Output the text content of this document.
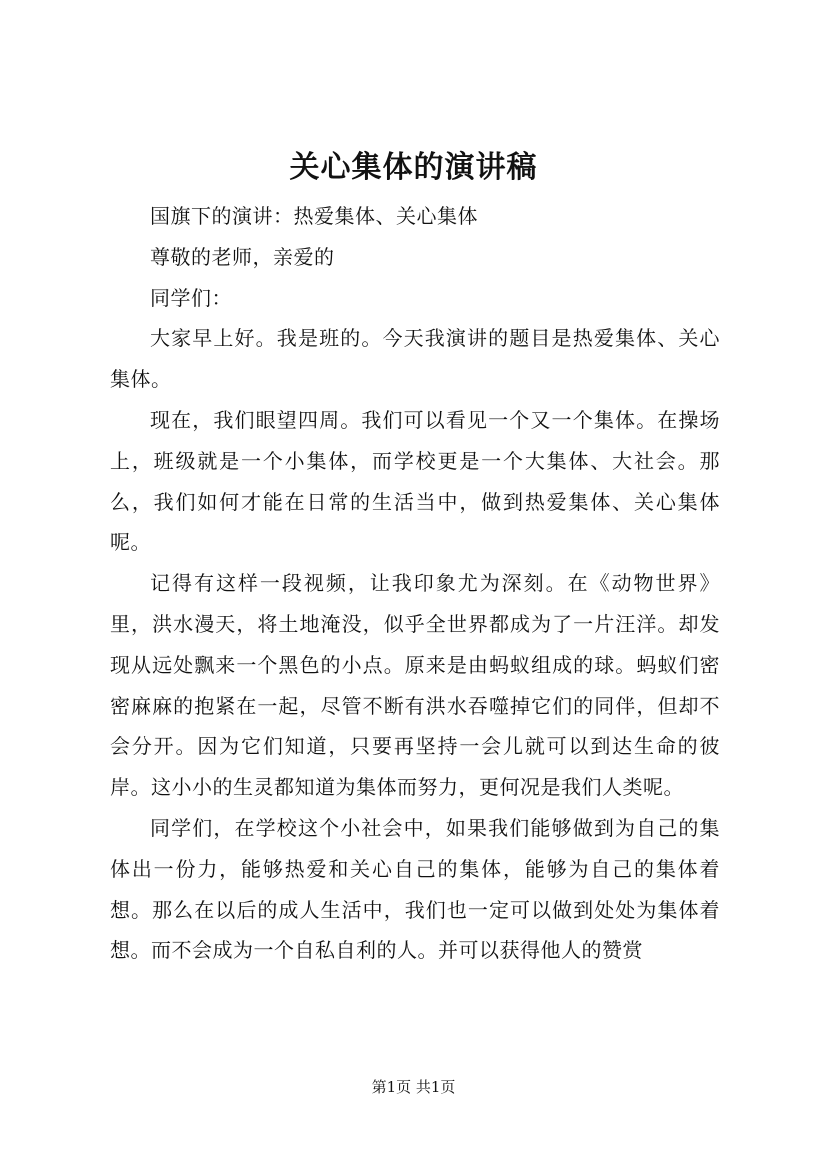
关心集体的演讲稿

国旗下的演讲：热爱集体、关心集体

尊敬的老师，亲爱的

同学们：

大家早上好。我是班的。今天我演讲的题目是热爱集体、关心集体。

现在，我们眼望四周。我们可以看见一个又一个集体。在操场上，班级就是一个小集体，而学校更是一个大集体、大社会。那么，我们如何才能在日常的生活当中，做到热爱集体、关心集体呢。

记得有这样一段视频，让我印象尤为深刻。在《动物世界》里，洪水漫天，将土地淹没，似乎全世界都成为了一片汪洋。却发现从远处飘来一个黑色的小点。原来是由蚂蚁组成的球。蚂蚁们密密麻麻的抱紧在一起，尽管不断有洪水吞噬掉它们的同伴，但却不会分开。因为它们知道，只要再坚持一会儿就可以到达生命的彼岸。这小小的生灵都知道为集体而努力，更何况是我们人类呢。

同学们，在学校这个小社会中，如果我们能够做到为自己的集体出一份力，能够热爱和关心自己的集体，能够为自己的集体着想。那么在以后的成人生活中，我们也一定可以做到处处为集体着想。而不会成为一个自私自利的人。并可以获得他人的赞赏

第1页 共1页
